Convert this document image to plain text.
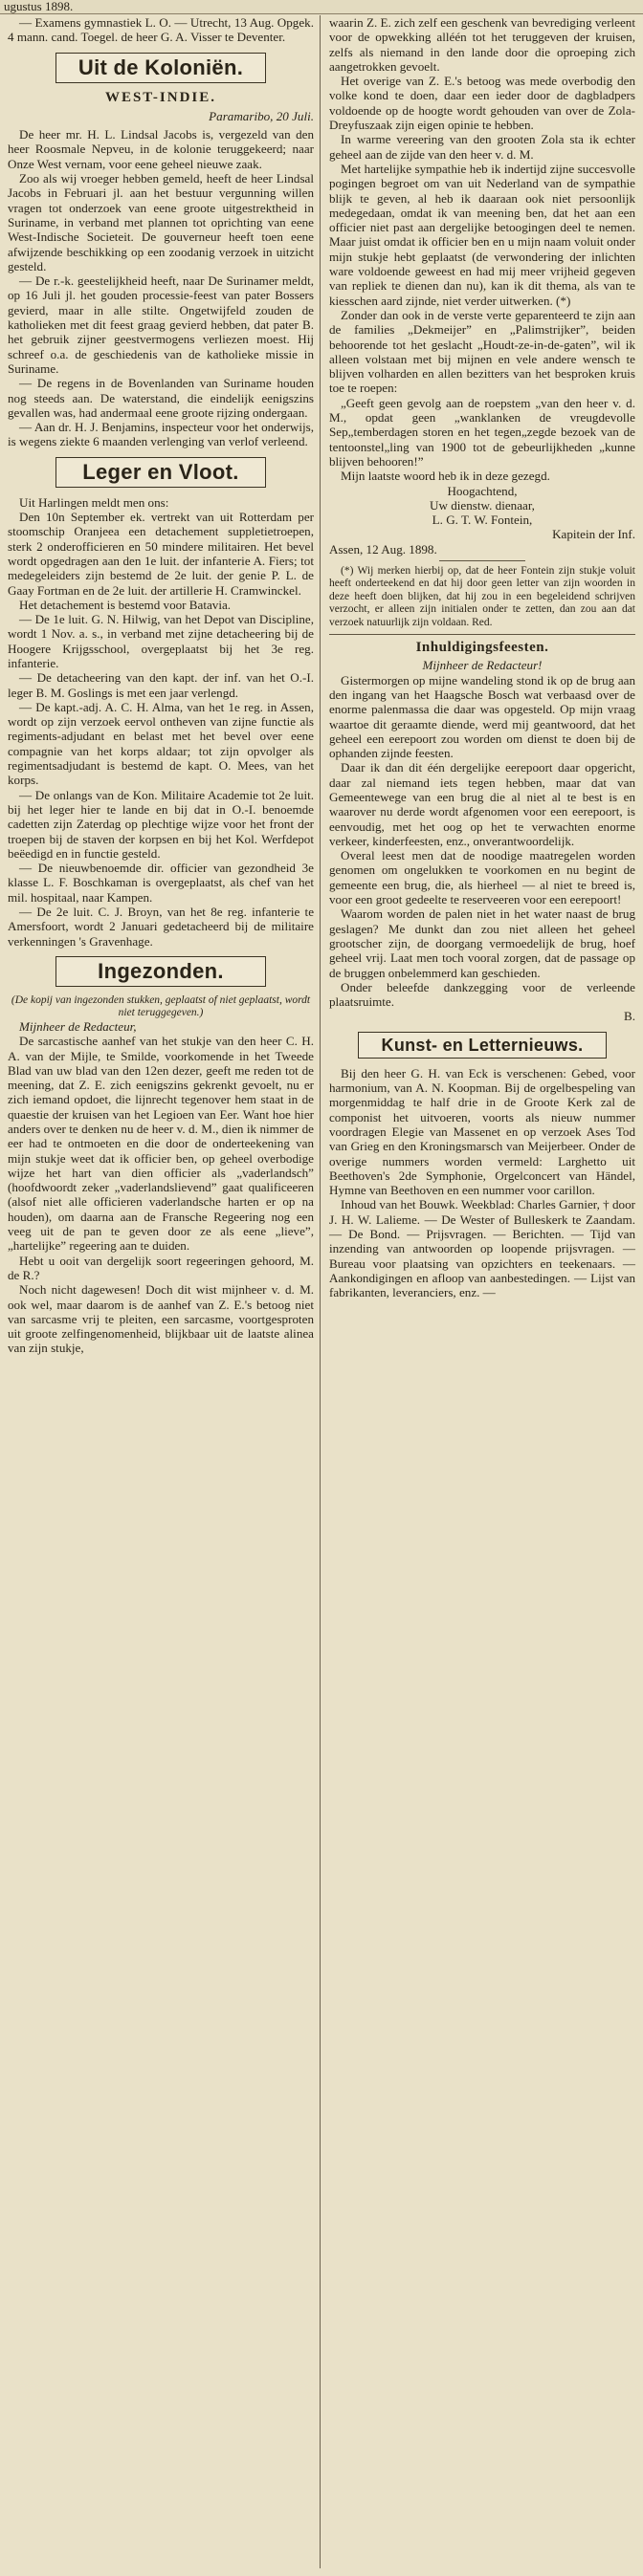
ugustus 1898.

— Examens gymnastiek L. O. — Utrecht, 13 Aug. Opgek. 4 mann. cand. Toegel. de heer G. A. Visser te Deventer.

Uit de Koloniën.
WEST-INDIE.
Paramaribo, 20 Juli.

De heer mr. H. L. Lindsal Jacobs is, vergezeld van den heer Roosmale Nepveu, in de kolonie teruggekeerd; naar Onze West vernam, voor eene geheel nieuwe zaak.

Zoo als wij vroeger hebben gemeld, heeft de heer Lindsal Jacobs in Februari jl. aan het bestuur vergunning willen vragen tot onderzoek van eene groote uitgestrektheid in Suriname, in verband met plannen tot oprichting van eene West-Indische Societeit. De gouverneur heeft toen eene afwijzende beschikking op een zoodanig verzoek in uitzicht gesteld.

— De r.-k. geestelijkheid heeft, naar De Surinamer meldt, op 16 Juli jl. het gouden processie-feest van pater Bossers gevierd, maar in alle stilte. Ongetwijfeld zouden de katholieken met dit feest graag gevierd hebben, dat pater B. het gebruik zijner geestvermogens verliezen moest. Hij schreef o.a. de geschiedenis van de katholieke missie in Suriname.

— De regens in de Bovenlanden van Suriname houden nog steeds aan. De waterstand, die eindelijk eenigszins gevallen was, had andermaal eene groote rijzing ondergaan.

— Aan dr. H. J. Benjamins, inspecteur voor het onderwijs, is wegens ziekte 6 maanden verlenging van verlof verleend.

Leger en Vloot.

Uit Harlingen meldt men ons:

Den 10n September ek. vertrekt van uit Rotterdam per stoomschip Oranjeea een detachement suppletietroepen, sterk 2 onderofficieren en 50 mindere militairen. Het bevel wordt opgedragen aan den 1e luit. der infanterie A. Fiers; tot medegeleiders zijn bestemd de 2e luit. der genie P. L. de Gaay Fortman en de 2e luit. der artillerie H. Cramwinckel.

Het detachement is bestemd voor Batavia.

— De 1e luit. G. N. Hilwig, van het Depot van Discipline, wordt 1 Nov. a. s., in verband met zijne detacheering bij de Hoogere Krijgsschool, overgeplaatst bij het 3e reg. infanterie.

— De detacheering van den kapt. der inf. van het O.-I. leger B. M. Goslings is met een jaar verlengd.

— De kapt.-adj. A. C. H. Alma, van het 1e reg. in Assen, wordt op zijn verzoek eervol ontheven van zijne functie als regiments-adjudant en belast met het bevel over eene compagnie van het korps aldaar; tot zijn opvolger als regimentsadjudant is bestemd de kapt. O. Mees, van het korps.

— De onlangs van de Kon. Militaire Academie tot 2e luit. bij het leger hier te lande en bij dat in O.-I. benoemde cadetten zijn Zaterdag op plechtige wijze voor het front der troepen bij de staven der korpsen en bij het Kol. Werfdepot beëedigd en in functie gesteld.

— De nieuwbenoemde dir. officier van gezondheid 3e klasse L. F. Boschkaman is overgeplaatst, als chef van het mil. hospitaal, naar Kampen.

— De 2e luit. C. J. Broyn, van het 8e reg. infanterie te Amersfoort, wordt 2 Januari gedetacheerd bij de militaire verkenningen 's Gravenhage.

Ingezonden.
(De kopij van ingezonden stukken, geplaatst of niet geplaatst, wordt niet teruggegeven.)

Mijnheer de Redacteur,

De sarcastische aanhef van het stukje van den heer C. H. A. van der Mijle, te Smilde, voorkomende in het Tweede Blad van uw blad van den 12en dezer, geeft me reden tot de meening, dat Z. E. zich eenigszins gekrenkt gevoelt, nu er zich iemand opdoet, die lijnrecht tegenover hem staat in de quaestie der kruisen van het Legioen van Eer. Want hoe hier anders over te denken nu de heer v. d. M., dien ik nimmer de eer had te ontmoeten en die door de onderteekening van mijn stukje weet dat ik officier ben, op geheel overbodige wijze het hart van dien officier als „vaderlandsch” (hoofdwoordt zeker „vaderlandslievend” gaat qualificeeren (alsof niet alle officieren vaderlandsche harten er op na houden), om daarna aan de Fransche Regeering nog een veeg uit de pan te geven door ze als eene „lieve”, „hartelijke” regeering aan te duiden.

Hebt u ooit van dergelijk soort regeeringen gehoord, M. de R.?

Noch nicht dagewesen! Doch dit wist mijnheer v. d. M. ook wel, maar daarom is de aanhef van Z. E.'s betoog niet van sarcasme vrij te pleiten, een sarcasme, voortgesproten uit groote zelfingenomenheid, blijkbaar uit de laatste alinea van zijn stukje,

waarin Z. E. zich zelf een geschenk van bevrediging verleent voor de opwekking alléén tot het teruggeven der kruisen, zelfs als niemand in den lande door die oproeping zich aangetrokken gevoelt.

Het overige van Z. E.'s betoog was mede overbodig den volke kond te doen, daar een ieder door de dagbladpers voldoende op de hoogte wordt gehouden van over de Zola-Dreyfuszaak zijn eigen opinie te hebben.

In warme vereering van den grooten Zola sta ik echter geheel aan de zijde van den heer v. d. M.

Met hartelijke sympathie heb ik indertijd zijne succesvolle pogingen begroet om van uit Nederland van de sympathie blijk te geven, al heb ik daaraan ook niet persoonlijk medegedaan, omdat ik van meening ben, dat het aan een officier niet past aan dergelijke betoogingen deel te nemen. Maar juist omdat ik officier ben en u mijn naam voluit onder mijn stukje hebt geplaatst (de verwondering der inlichten ware voldoende geweest en had mij meer vrijheid gegeven van repliek te dienen dan nu), kan ik dit thema, als van te kiesschen aard zijnde, niet verder uitwerken. (*)

Zonder dan ook in de verste verte geparenteerd te zijn aan de families „Dekmeijer” en „Palimstrijker”, beiden behoorende tot het geslacht „Houdt-ze-in-de-gaten”, wil ik alleen volstaan met bij mijnen en vele andere wensch te blijven volharden en allen bezitters van het besproken kruis toe te roepen:

„Geeft geen gevolg aan de roepstem „van den heer v. d. M., opdat geen „wanklanken de vreugdevolle Sep„temberdagen storen en het tegen„zegde bezoek van de tentoonstel„ling van 1900 tot de gebeurlijkheden „kunne blijven behooren!”

Mijn laatste woord heb ik in deze gezegd.

Hoogachtend,

Uw dienstw. dienaar,

L. G. T. W. Fontein,

Kapitein der Inf.

Assen, 12 Aug. 1898.

(*) Wij merken hierbij op, dat de heer Fontein zijn stukje voluit heeft onderteekend en dat hij door geen letter van zijn woorden in deze heeft doen blijken, dat hij zou in een begeleidend schrijven verzocht, er alleen zijn initialen onder te zetten, dan zou aan dat verzoek natuurlijk zijn voldaan. Red.

Inhuldigingsfeesten.

Mijnheer de Redacteur!

Gistermorgen op mijne wandeling stond ik op de brug aan den ingang van het Haagsche Bosch wat verbaasd over de enorme palenmassa die daar was opgesteld. Op mijn vraag waartoe dit geraamte diende, werd mij geantwoord, dat het geheel een eerepoort zou worden om dienst te doen bij de ophanden zijnde feesten.

Daar ik dan dit één dergelijke eerepoort daar opgericht, daar zal niemand iets tegen hebben, maar dat van Gemeentewege van een brug die al niet al te best is en waarover nu derde wordt afgenomen voor een eerepoort, is eenvoudig, met het oog op het te verwachten enorme verkeer, kinderfeesten, enz., onverantwoordelijk.

Overal leest men dat de noodige maatregelen worden genomen om ongelukken te voorkomen en nu begint de gemeente een brug, die, als hierheel — al niet te breed is, voor een groot gedeelte te reserveeren voor een eerepoort!

Waarom worden de palen niet in het water naast de brug geslagen? Me dunkt dan zou niet alleen het geheel grootscher zijn, de doorgang vermoedelijk de brug, hoef geheel vrij. Laat men toch vooral zorgen, dat de passage op de bruggen onbelemmerd kan geschieden.

Onder beleefde dankzegging voor de verleende plaatsruimte.

B.

Kunst- en Letternieuws.

Bij den heer G. H. van Eck is verschenen: Gebed, voor harmonium, van A. N. Koopman. Bij de orgelbespeling van morgenmiddag te half drie in de Groote Kerk zal de componist het uitvoeren, voorts als nieuw nummer voordragen Elegie van Massenet en op verzoek Ases Tod van Grieg en den Kroningsmarsch van Meijerbeer. Onder de overige nummers worden vermeld: Larghetto uit Beethoven's 2de Symphonie, Orgelconcert van Händel, Hymne van Beethoven en een nummer voor carillon.

Inhoud van het Bouwk. Weekblad: Charles Garnier, † door J. H. W. Lalieme. — De Wester of Bulleskerk te Zaandam. — De Bond. — Prijsvragen. — Berichten. — Tijd van inzending van antwoorden op loopende prijsvragen. — Bureau voor plaatsing van opzichters en teekenaars. — Aankondigingen en afloop van aanbestedingen. — Lijst van fabrikanten, leveranciers, enz. —
